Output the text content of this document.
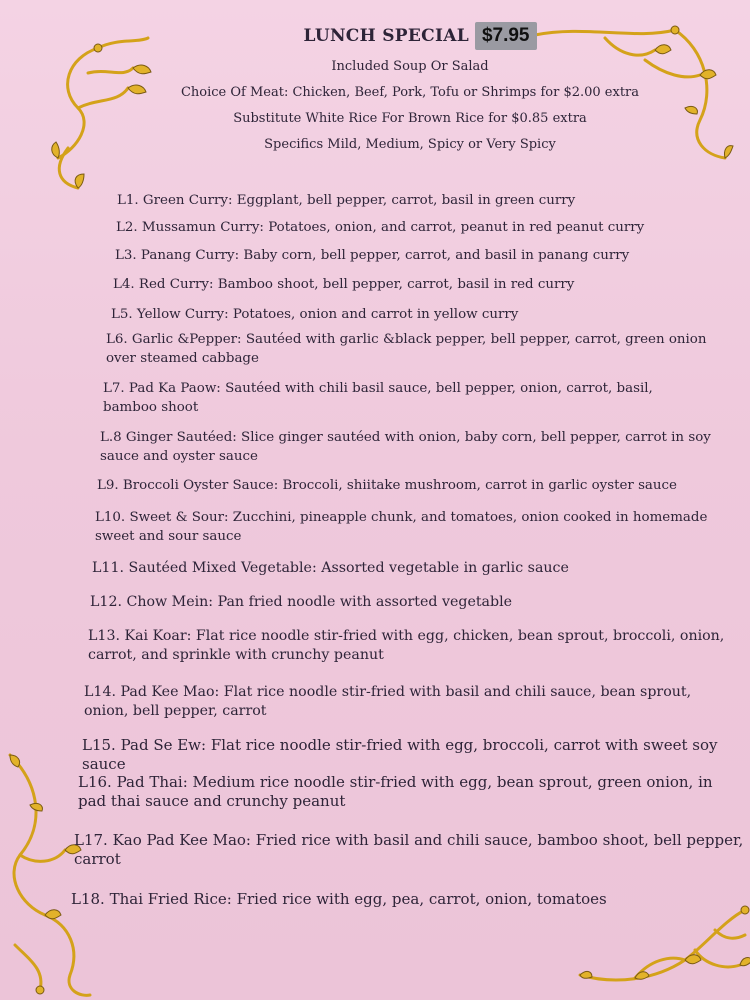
LUNCH SPECIAL $7.95
Included Soup Or Salad
Choice Of Meat: Chicken, Beef, Pork, Tofu or Shrimps for $2.00 extra
Substitute White Rice For Brown Rice for $0.85 extra
Specifics Mild, Medium, Spicy or Very Spicy
L1. Green Curry: Eggplant, bell pepper, carrot, basil in green curry
L2. Mussamun Curry: Potatoes, onion, and carrot, peanut in red peanut curry
L3. Panang Curry: Baby corn, bell pepper, carrot, and basil in panang curry
L4. Red Curry: Bamboo shoot, bell pepper, carrot, basil in red curry
L5. Yellow Curry: Potatoes, onion and carrot in yellow curry
L6. Garlic &Pepper: Sautéed with garlic &black pepper, bell pepper, carrot, green onion over steamed cabbage
L7. Pad Ka Paow: Sautéed with chili basil sauce, bell pepper, onion, carrot, basil, bamboo shoot
L.8 Ginger Sautéed: Slice ginger sautéed with onion, baby corn, bell pepper, carrot in soy sauce and oyster sauce
L9. Broccoli Oyster Sauce: Broccoli, shiitake mushroom, carrot in garlic oyster sauce
L10. Sweet & Sour: Zucchini, pineapple chunk, and tomatoes, onion cooked in homemade sweet and sour sauce
L11. Sautéed Mixed Vegetable: Assorted vegetable in garlic sauce
L12. Chow Mein: Pan fried noodle with assorted vegetable
L13. Kai Koar: Flat rice noodle stir-fried with egg, chicken, bean sprout, broccoli, onion, carrot, and sprinkle with crunchy peanut
L14. Pad Kee Mao: Flat rice noodle stir-fried with basil and chili sauce, bean sprout, onion, bell pepper, carrot
L15. Pad Se Ew: Flat rice noodle stir-fried with egg, broccoli, carrot with sweet soy sauce
L16. Pad Thai: Medium rice noodle stir-fried with egg, bean sprout, green onion, in pad thai sauce and crunchy peanut
L17. Kao Pad Kee Mao: Fried rice with basil and chili sauce, bamboo shoot, bell pepper, carrot
L18. Thai Fried Rice: Fried rice with egg, pea, carrot, onion, tomatoes
